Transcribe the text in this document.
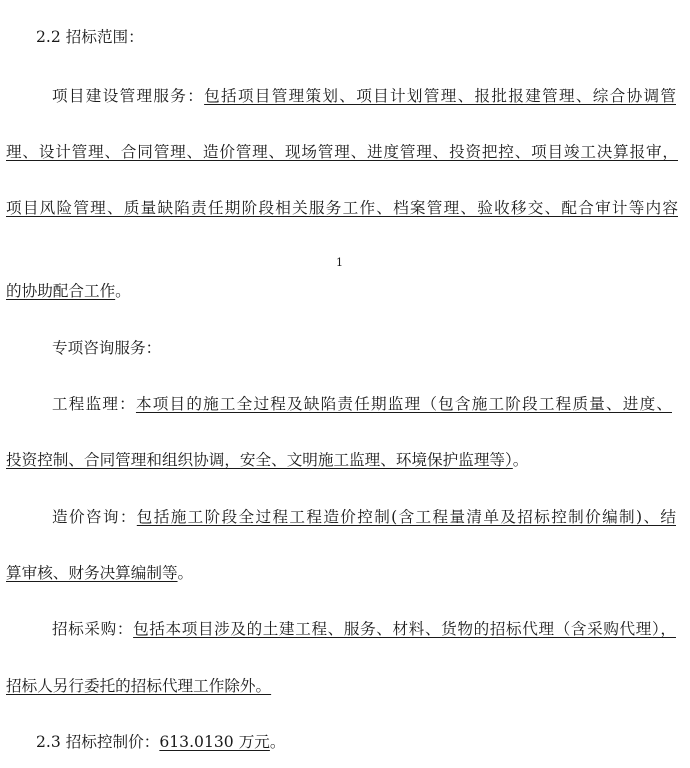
2.2 招标范围：
项目建设管理服务：包括项目管理策划、项目计划管理、报批报建管理、综合协调管
理、设计管理、合同管理、造价管理、现场管理、进度管理、投资把控、项目竣工决算报审，
项目风险管理、质量缺陷责任期阶段相关服务工作、档案管理、验收移交、配合审计等内容
1
的协助配合工作。
专项咨询服务：
工程监理：本项目的施工全过程及缺陷责任期监理（包含施工阶段工程质量、进度、
投资控制、合同管理和组织协调，安全、文明施工监理、环境保护监理等）。
造价咨询：包括施工阶段全过程工程造价控制(含工程量清单及招标控制价编制)、结
算审核、财务决算编制等。
招标采购：包括本项目涉及的土建工程、服务、材料、货物的招标代理（含采购代理），
招标人另行委托的招标代理工作除外。
2.3 招标控制价：613.0130 万元。
